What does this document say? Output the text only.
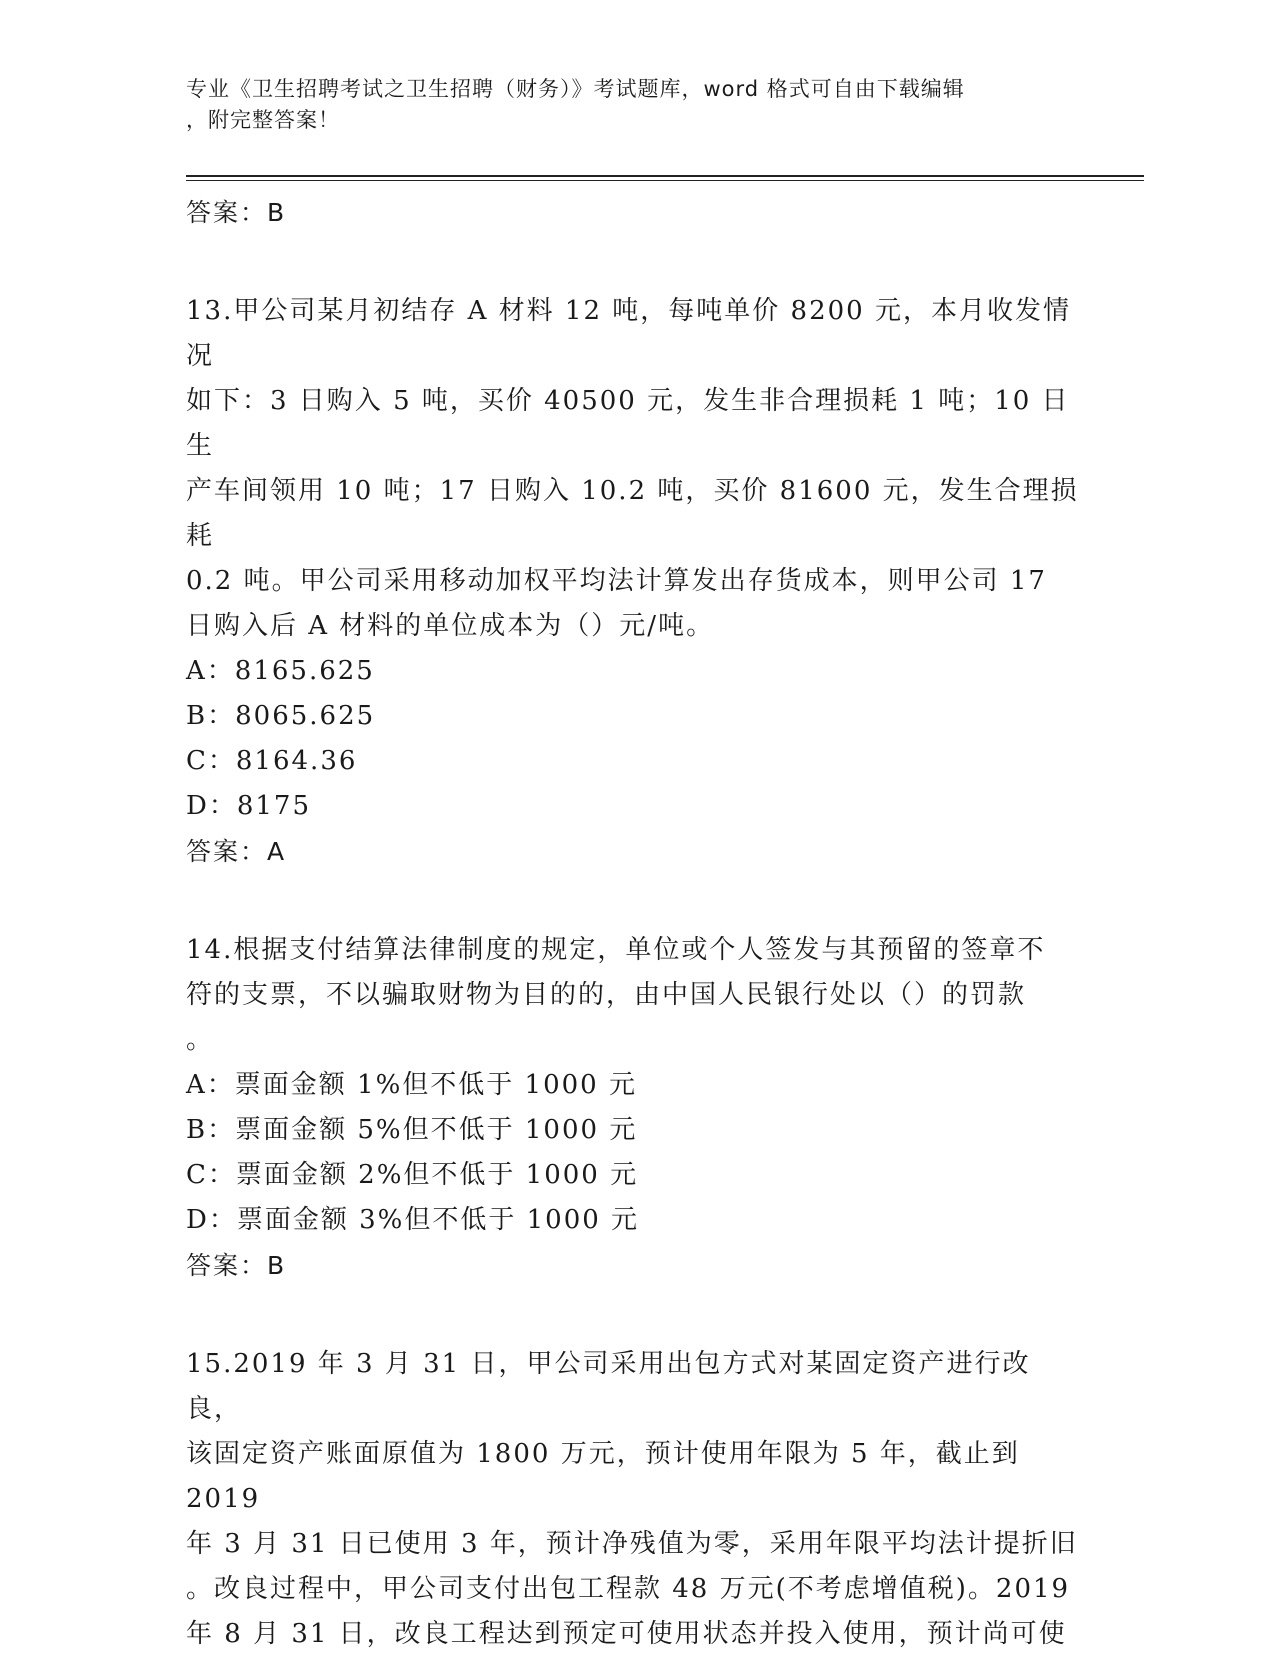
专业《卫生招聘考试之卫生招聘（财务）》考试题库，word 格式可自由下载编辑
，附完整答案！
答案：B
13.甲公司某月初结存 A 材料 12 吨，每吨单价 8200 元，本月收发情况
如下：3 日购入 5 吨，买价 40500 元，发生非合理损耗 1 吨；10 日生
产车间领用 10 吨；17 日购入 10.2 吨，买价 81600 元，发生合理损耗
0.2 吨。甲公司采用移动加权平均法计算发出存货成本，则甲公司 17
日购入后 A 材料的单位成本为（）元/吨。
A：8165.625
B：8065.625
C：8164.36
D：8175
答案：A
14.根据支付结算法律制度的规定，单位或个人签发与其预留的签章不
符的支票，不以骗取财物为目的的，由中国人民银行处以（）的罚款
。
A：票面金额 1%但不低于 1000 元
B：票面金额 5%但不低于 1000 元
C：票面金额 2%但不低于 1000 元
D：票面金额 3%但不低于 1000 元
答案：B
15.2019 年 3 月 31 日，甲公司采用出包方式对某固定资产进行改良，
该固定资产账面原值为 1800 万元，预计使用年限为 5 年，截止到 2019
年 3 月 31 日已使用 3 年，预计净残值为零，采用年限平均法计提折旧
。改良过程中，甲公司支付出包工程款 48 万元(不考虑增值税)。2019
年 8 月 31 日，改良工程达到预定可使用状态并投入使用，预计尚可使
